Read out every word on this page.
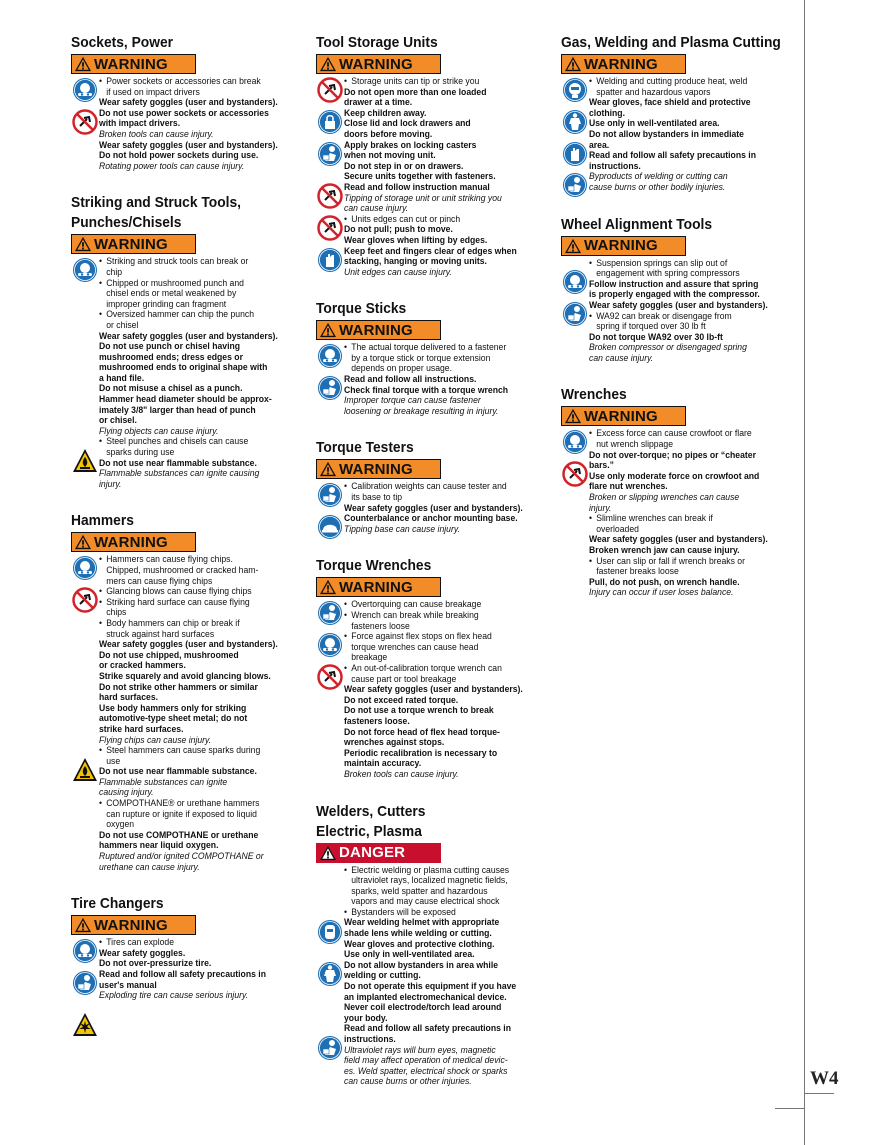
Sockets, Power
WARNING
• Power sockets or accessories can break
if used on impact drivers
Wear safety goggles (user and bystanders).
Do not use power sockets or accessories
with impact drivers.
Broken tools can cause injury.
Wear safety goggles (user and bystanders).
Do not hold power sockets during use.
Rotating power tools can cause injury.
Striking and Struck Tools,
Punches/Chisels
WARNING
• Striking and struck tools can break or
chip
• Chipped or mushroomed punch and
chisel ends or metal weakened by
improper grinding can fragment
• Oversized hammer can chip the punch
or chisel
Wear safety goggles (user and bystanders).
Do not use punch or chisel having
mushroomed ends; dress edges or
mushroomed ends to original shape with
a hand file.
Do not misuse a chisel as a punch.
Hammer head diameter should be approx-
imately 3/8" larger than head of punch
or chisel.
Flying objects can cause injury.
• Steel punches and chisels can cause
sparks during use
Do not use near flammable substance.
Flammable substances can ignite causing
injury.
Hammers
WARNING
• Hammers can cause flying chips.
Chipped, mushroomed or cracked ham-
mers can cause flying chips
• Glancing blows can cause flying chips
• Striking hard surface can cause flying
chips
• Body hammers can chip or break if
struck against hard surfaces
Wear safety goggles (user and bystanders).
Do not use chipped, mushroomed
or cracked hammers.
Strike squarely and avoid glancing blows.
Do not strike other hammers or similar
hard surfaces.
Use body hammers only for striking
automotive-type sheet metal; do not
strike hard surfaces.
Flying chips can cause injury.
• Steel hammers can cause sparks during
use
Do not use near flammable substance.
Flammable substances can ignite
causing injury.
• COMPOTHANE® or urethane hammers
can rupture or ignite if exposed to liquid
oxygen
Do not use COMPOTHANE or urethane
hammers near liquid oxygen.
Ruptured and/or ignited COMPOTHANE or
urethane can cause injury.
Tire Changers
WARNING
• Tires can explode
Wear safety goggles.
Do not over-pressurize tire.
Read and follow all safety precautions in
user's manual
Exploding tire can cause serious injury.
Tool Storage Units
WARNING
• Storage units can tip or strike you
Do not open more than one loaded
drawer at a time.
Keep children away.
Close lid and lock drawers and
doors before moving.
Apply brakes on locking casters
when not moving unit.
Do not step in or on drawers.
Secure units together with fasteners.
Read and follow instruction manual
Tipping of storage unit or unit striking you
can cause injury.
• Units edges can cut or pinch
Do not pull; push to move.
Wear gloves when lifting by edges.
Keep feet and fingers clear of edges when
stacking, hanging or moving units.
Unit edges can cause injury.
Torque Sticks
WARNING
• The actual torque delivered to a fastener
by a torque stick or torque extension
depends on proper usage.
Read and follow all instructions.
Check final torque with a torque wrench
Improper torque can cause fastener
loosening or breakage resulting in injury.
Torque Testers
WARNING
• Calibration weights can cause tester and
its base to tip
Wear safety goggles (user and bystanders).
Counterbalance or anchor mounting base.
Tipping base can cause injury.
Torque Wrenches
WARNING
• Overtorquing can cause breakage
• Wrench can break while breaking
fasteners loose
• Force against flex stops on flex head
torque wrenches can cause head
breakage
• An out-of-calibration torque wrench can
cause part or tool breakage
Wear safety goggles (user and bystanders).
Do not exceed rated torque.
Do not use a torque wrench to break
fasteners loose.
Do not force head of flex head torque-
wrenches against stops.
Periodic recalibration is necessary to
maintain accuracy.
Broken tools can cause injury.
Welders, Cutters
Electric, Plasma
DANGER
• Electric welding or plasma cutting causes
ultraviolet rays, localized magnetic fields,
sparks, weld spatter and hazardous
vapors and may cause electrical shock
• Bystanders will be exposed
Wear welding helmet with appropriate
shade lens while welding or cutting.
Wear gloves and protective clothing.
Use only in well-ventilated area.
Do not allow bystanders in area while
welding or cutting.
Do not operate this equipment if you have
an implanted electromechanical device.
Never coil electrode/torch lead around
your body.
Read and follow all safety precautions in
instructions.
Ultraviolet rays will burn eyes, magnetic
field may affect operation of medical devic-
es. Weld spatter, electrical shock or sparks
can cause burns or other injuries.
Gas, Welding and Plasma Cutting
WARNING
• Welding and cutting produce heat, weld
spatter and hazardous vapors
Wear gloves, face shield and protective
clothing.
Use only in well-ventilated area.
Do not allow bystanders in immediate
area.
Read and follow all safety precautions in
instructions.
Byproducts of welding or cutting can
cause burns or other bodily injuries.
Wheel Alignment Tools
WARNING
• Suspension springs can slip out of
engagement with spring compressors
Follow instruction and assure that spring
is properly engaged with the compressor.
Wear safety goggles (user and bystanders).
• WA92 can break or disengage from
spring if torqued over 30 lb ft
Do not torque WA92 over 30 lb-ft
Broken compressor or disengaged spring
can cause injury.
Wrenches
WARNING
• Excess force can cause crowfoot or flare
nut wrench slippage
Do not over-torque; no pipes or “cheater
bars.”
Use only moderate force on crowfoot and
flare nut wrenches.
Broken or slipping wrenches can cause
injury.
• Slimline wrenches can break if
overloaded
Wear safety goggles (user and bystanders).
Broken wrench jaw can cause injury.
• User can slip or fall if wrench breaks or
fastener breaks loose
Pull, do not push, on wrench handle.
Injury can occur if user loses balance.
W4
